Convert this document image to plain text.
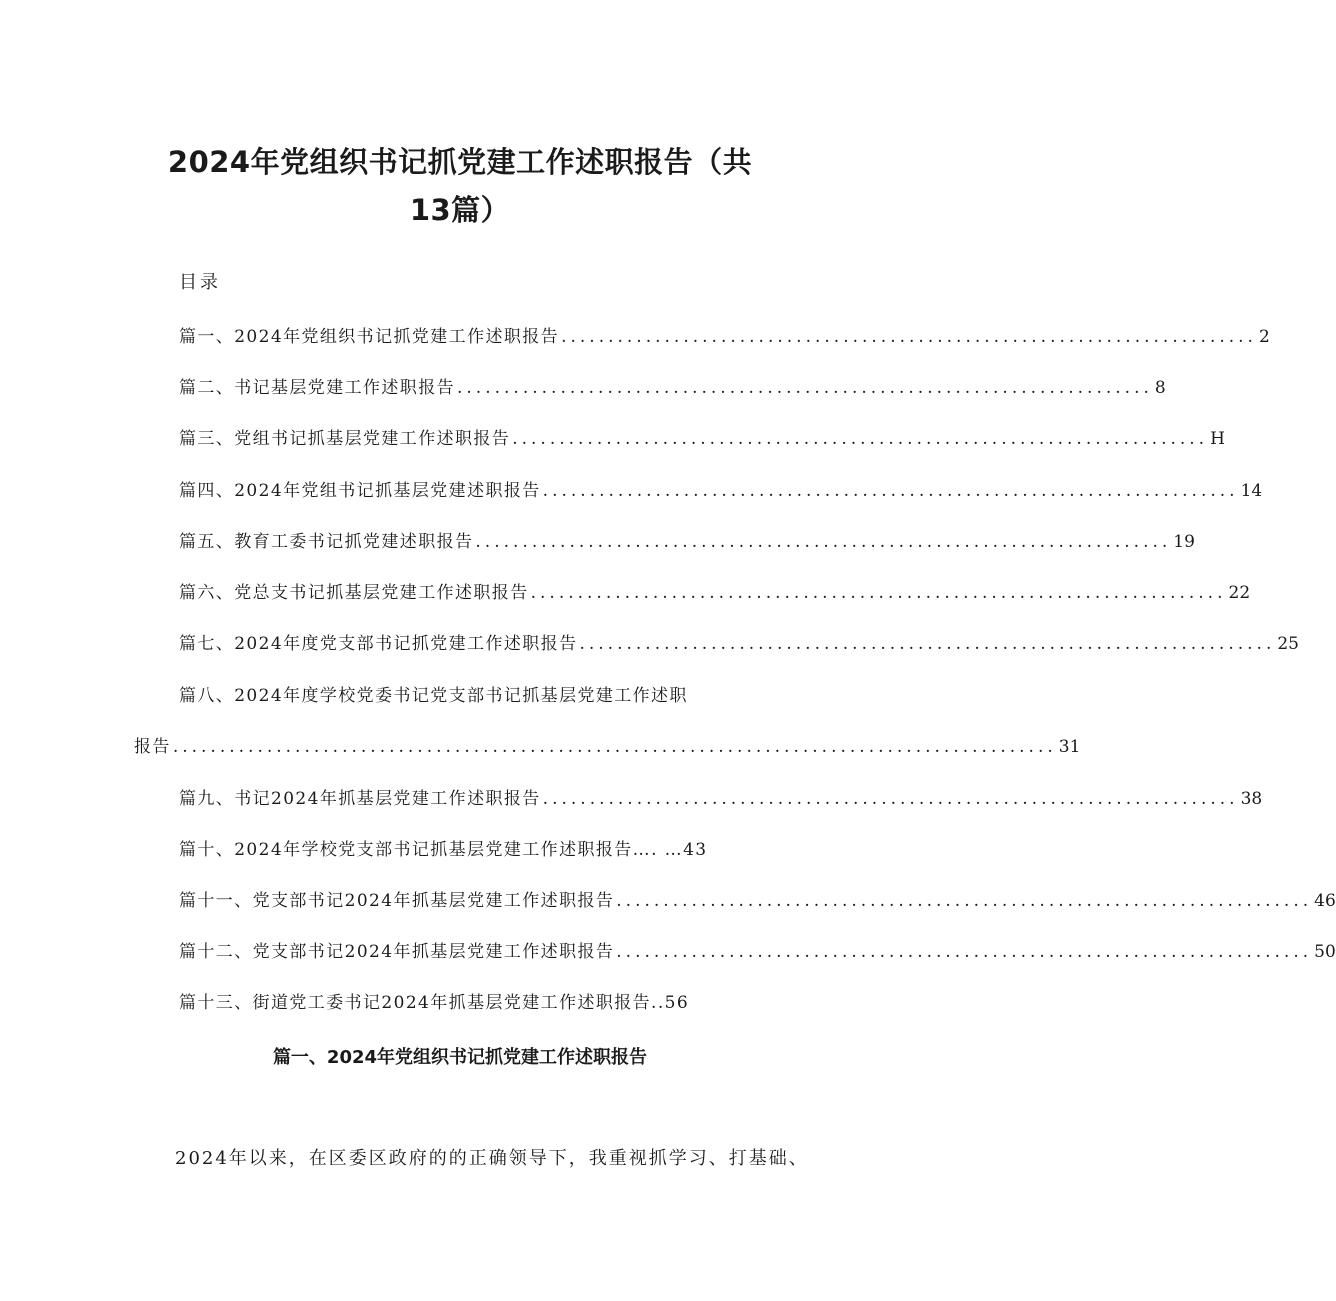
2024年党组织书记抓党建工作述职报告（共
13篇）
目录
篇一、2024年党组织书记抓党建工作述职报告 .......................................................................... 2
篇二、书记基层党建工作述职报告 .......................................................................... 8
篇三、党组书记抓基层党建工作述职报告 .......................................................................... H
篇四、2024年党组书记抓基层党建述职报告 .......................................................................... 14
篇五、教育工委书记抓党建述职报告 .......................................................................... 19
篇六、党总支书记抓基层党建工作述职报告 .......................................................................... 22
篇七、2024年度党支部书记抓党建工作述职报告 .......................................................................... 25
篇八、2024年度学校党委书记党支部书记抓基层党建工作述职
报告 .............................................................................................. 31
篇九、书记2024年抓基层党建工作述职报告 .......................................................................... 38
篇十、2024年学校党支部书记抓基层党建工作述职报告…. …43
篇十一、党支部书记2024年抓基层党建工作述职报告 .......................................................................... 46
篇十二、党支部书记2024年抓基层党建工作述职报告 .......................................................................... 50
篇十三、街道党工委书记2024年抓基层党建工作述职报告..56
篇一、2024年党组织书记抓党建工作述职报告
2024年以来，在区委区政府的的正确领导下，我重视抓学习、打基础、
